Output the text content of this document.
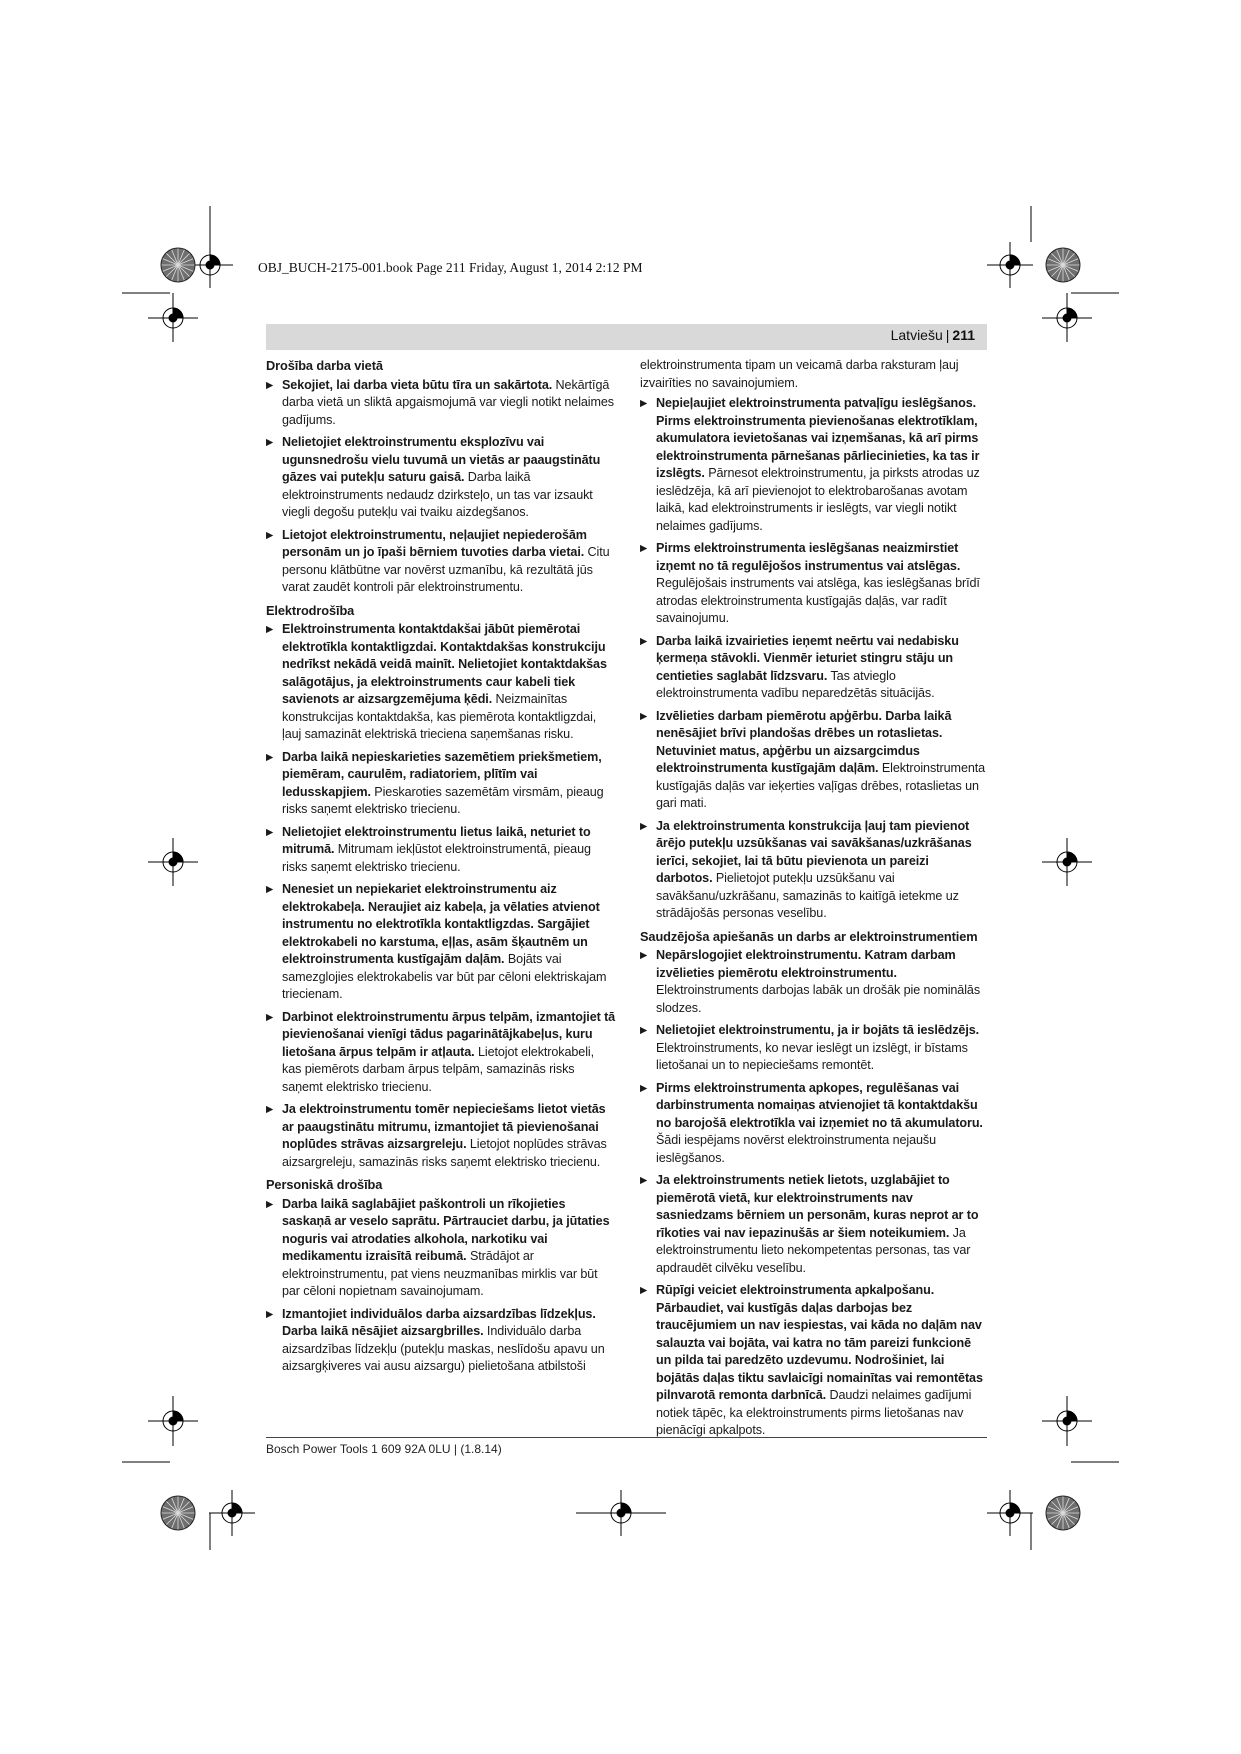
OBJ_BUCH-2175-001.book Page 211 Friday, August 1, 2014 2:12 PM
Latviešu | 211
Drošība darba vietā
▶ Sekojiet, lai darba vieta būtu tīra un sakārtota. Nekārtīgā darba vietā un sliktā apgaismojumā var viegli notikt nelaimes gadījums.
▶ Nelietojiet elektroinstrumentu eksplozīvu vai ugunsnedrošu vielu tuvumā un vietās ar paaugstinātu gāzes vai putekļu saturu gaisā. Darba laikā elektroinstruments nedaudz dzirksteļo, un tas var izsaukt viegli degošu putekļu vai tvaiku aizdegšanos.
▶ Lietojot elektroinstrumentu, neļaujiet nepiederošām personām un jo īpaši bērniem tuvoties darba vietai. Citu personu klātbūtne var novērst uzmanību, kā rezultātā jūs varat zaudēt kontroli pār elektroinstrumentu.
Elektrodrošība
▶ Elektroinstrumenta kontaktdakšai jābūt piemērotai elektrotīkla kontaktligzdai. Kontaktdakšas konstrukciju nedrīkst nekādā veidā mainīt. Nelietojiet kontaktdakšas salāgotājus, ja elektroinstruments caur kabeli tiek savienots ar aizsargzemējuma ķēdi. Neizmainītas konstrukcijas kontaktdakša, kas piemērota kontaktligzdai, ļauj samazināt elektriskā trieciena saņemšanas risku.
▶ Darba laikā nepieskarieties sazemētiem priekšmetiem, piemēram, caurulēm, radiatoriem, plītīm vai ledusskapjiem. Pieskaroties sazemētām virsmām, pieaug risks saņemt elektrisko triecienu.
▶ Nelietojiet elektroinstrumentu lietus laikā, neturiet to mitrumā. Mitrumam iekļūstot elektroinstrumentā, pieaug risks saņemt elektrisko triecienu.
▶ Nenesiet un nepiekariet elektroinstrumentu aiz elektrokabeļa. Neraujiet aiz kabeļa, ja vēlaties atvienot instrumentu no elektrotīkla kontaktligzdas. Sargājiet elektrokabeli no karstuma, eļļas, asām šķautnēm un elektroinstrumenta kustīgajām daļām. Bojāts vai samezglojies elektrokabelis var būt par cēloni elektriskajam triecienam.
▶ Darbinot elektroinstrumentu ārpus telpām, izmantojiet tā pievienošanai vienīgi tādus pagarinātājkabeļus, kuru lietošana ārpus telpām ir atļauta. Lietojot elektrokabeli, kas piemērots darbam ārpus telpām, samazinās risks saņemt elektrisko triecienu.
▶ Ja elektroinstrumentu tomēr nepieciešams lietot vietās ar paaugstinātu mitrumu, izmantojiet tā pievienošanai noplūdes strāvas aizsargreleju. Lietojot noplūdes strāvas aizsargreleju, samazinās risks saņemt elektrisko triecienu.
Personiskā drošība
▶ Darba laikā saglabājiet paškontroli un rīkojieties saskaņā ar veselo saprātu. Pārtrauciet darbu, ja jūtaties noguris vai atrodaties alkohola, narkotiku vai medikamentu izraisītā reibumā. Strādājot ar elektroinstrumentu, pat viens neuzmanības mirklis var būt par cēloni nopietnam savainojumam.
▶ Izmantojiet individuālos darba aizsardzības līdzekļus. Darba laikā nēsājiet aizsargbrilles. Individuālo darba aizsardzības līdzekļu (putekļu maskas, neslīdošu apavu un aizsargķiveres vai ausu aizsargu) pielietošana atbilstoši

elektroinstrumenta tipam un veicamā darba raksturam ļauj izvairīties no savainojumiem.

▶ Nepieļaujiet elektroinstrumenta patvaļīgu ieslēgšanos. Pirms elektroinstrumenta pievienošanas elektrotīklam, akumulatora ievietošanas vai izņemšanas, kā arī pirms elektroinstrumenta pārnešanas pārliecinieties, ka tas ir izslēgts. Pārnesot elektroinstrumentu, ja pirksts atrodas uz ieslēdzēja, kā arī pievienojot to elektrobarošanas avotam laikā, kad elektroinstruments ir ieslēgts, var viegli notikt nelaimes gadījums.
▶ Pirms elektroinstrumenta ieslēgšanas neaizmirstiet izņemt no tā regulējošos instrumentus vai atslēgas. Regulējošais instruments vai atslēga, kas ieslēgšanas brīdī atrodas elektroinstrumenta kustīgajās daļās, var radīt savainojumu.
▶ Darba laikā izvairieties ieņemt neērtu vai nedabisku ķermeņa stāvokli. Vienmēr ieturiet stingru stāju un centieties saglabāt līdzsvaru. Tas atvieglo elektroinstrumenta vadību neparedzētās situācijās.
▶ Izvēlieties darbam piemērotu apģērbu. Darba laikā nenēsājiet brīvi plandošas drēbes un rotaslietas. Netuviniet matus, apģērbu un aizsargcimdus elektroinstrumenta kustīgajām daļām. Elektroinstrumenta kustīgajās daļās var ieķerties vaļīgas drēbes, rotaslietas un gari mati.
▶ Ja elektroinstrumenta konstrukcija ļauj tam pievienot ārējo putekļu uzsūkšanas vai savākšanas/uzkrāšanas ierīci, sekojiet, lai tā būtu pievienota un pareizi darbotos. Pielietojot putekļu uzsūkšanu vai savākšanu/uzkrāšanu, samazinās to kaitīgā ietekme uz strādājošās personas veselību.
Saudzējoša apiešanās un darbs ar elektroinstrumentiem
▶ Nepārslogojiet elektroinstrumentu. Katram darbam izvēlieties piemērotu elektroinstrumentu. Elektroinstruments darbojas labāk un drošāk pie nominālās slodzes.
▶ Nelietojiet elektroinstrumentu, ja ir bojāts tā ieslēdzējs. Elektroinstruments, ko nevar ieslēgt un izslēgt, ir bīstams lietošanai un to nepieciešams remontēt.
▶ Pirms elektroinstrumenta apkopes, regulēšanas vai darbinstrumenta nomaiņas atvienojiet tā kontaktdakšu no barojošā elektrotīkla vai izņemiet no tā akumulatoru. Šādi iespējams novērst elektroinstrumenta nejaušu ieslēgšanos.
▶ Ja elektroinstruments netiek lietots, uzglabājiet to piemērotā vietā, kur elektroinstruments nav sasniedzams bērniem un personām, kuras neprot ar to rīkoties vai nav iepazinušās ar šiem noteikumiem. Ja elektroinstrumentu lieto nekompetentas personas, tas var apdraudēt cilvēku veselību.
▶ Rūpīgi veiciet elektroinstrumenta apkalpošanu. Pārbaudiet, vai kustīgās daļas darbojas bez traucējumiem un nav iespiestas, vai kāda no daļām nav salauzta vai bojāta, vai katra no tām pareizi funkcionē un pilda tai paredzēto uzdevumu. Nodrošiniet, lai bojātās daļas tiktu savlaicīgi nomainītas vai remontētas pilnvarotā remonta darbnīcā. Daudzi nelaimes gadījumi notiek tāpēc, ka elektroinstruments pirms lietošanas nav pienācīgi apkalpots.
Bosch Power Tools 1 609 92A 0LU | (1.8.14)
